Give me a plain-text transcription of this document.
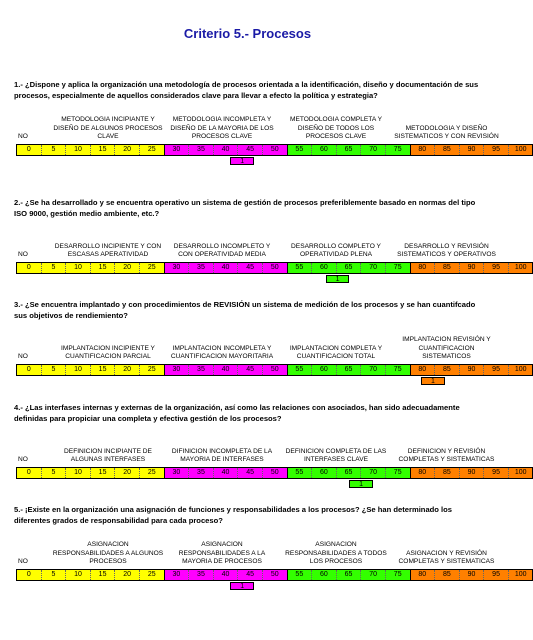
Criterio 5.- Procesos
1.- ¿Dispone y aplica la organización una metodología de procesos orientada a la identificación, diseño y documentación de sus procesos, especialmente de aquellos considerados clave para llevar a efecto la política y estrategia?
NO
METODOLOGIA INCIPIANTE Y DISEÑO DE ALGUNOS PROCESOS CLAVE
METODOLOGIA INCOMPLETA Y DISEÑO DE LA MAYORIA DE LOS PROCESOS CLAVE
METODOLOGIA COMPLETA Y DISEÑO DE TODOS LOS PROCESOS CLAVE
METODOLOGIA Y DISEÑO SISTEMATICOS Y CON REVISIÓN
0	5	10	15	20	25	30	35	40	45	50	55	60	65	70	75	80	85	90	95	100
1
2.- ¿Se ha desarrollado y se encuentra operativo un sistema de gestión de procesos preferiblemente basado en normas del tipo ISO 9000, gestión medio ambiente, etc.?
NO
DESARROLLO INCIPIENTE Y CON ESCASAS APERATIVIDAD
DESARROLLO INCOMPLETO Y CON OPERATIVIDAD MEDIA
DESARROLLO COMPLETO Y OPERATIVIDAD PLENA
DESARROLLO Y REVISIÓN SISTEMATICOS Y OPERATIVOS
0	5	10	15	20	25	30	35	40	45	50	55	60	65	70	75	80	85	90	95	100
1
3.- ¿Se encuentra implantado y con procedimientos de REVISIÓN un sistema de medición de los procesos y se han cuantifcado sus objetivos de rendiemiento?
NO
IMPLANTACION INCIPIENTE Y CUANTIFICACION PARCIAL
IMPLANTACION INCOMPLETA Y CUANTIFICACION MAYORITARIA
IMPLANTACION COMPLETA Y CUANTIFICACION TOTAL
IMPLANTACION REVISIÓN Y CUANTIFICACION SISTEMATICOS
0	5	10	15	20	25	30	35	40	45	50	55	60	65	70	75	80	85	90	95	100
1
4.- ¿Las interfases internas y externas de la organización, así como las relaciones con asociados, han sido adecuadamente definidas para propiciar una completa y efectiva gestión de los procesos?
NO
DEFINICION INCIPIANTE DE ALGUNAS INTERFASES
DIFINICION INCOMPLETA DE LA MAYORIA DE INTERFASES
DEFINICION COMPLETA DE LAS INTERFASES CLAVE
DEFINICION Y REVISIÓN COMPLETAS Y SISTEMATICAS
0	5	10	15	20	25	30	35	40	45	50	55	60	65	70	75	80	85	90	95	100
1
5.- ¡Existe en la organización una asignación de funciones y responsabilidades a los procesos? ¿Se han determinado los diferentes grados de responsabilidad para cada proceso?
NO
ASIGNACION RESPONSABILIDADES A ALGUNOS PROCESOS
ASIGNACION RESPONSABILIDADES A LA MAYORIA DE PROCESOS
ASIGNACION RESPONSABILIDADES A TODOS LOS PROCESOS
ASIGNACION Y REVISIÓN COMPLETAS Y SISTEMATICAS
0	5	10	15	20	25	30	35	40	45	50	55	60	65	70	75	80	85	90	95	100
1
